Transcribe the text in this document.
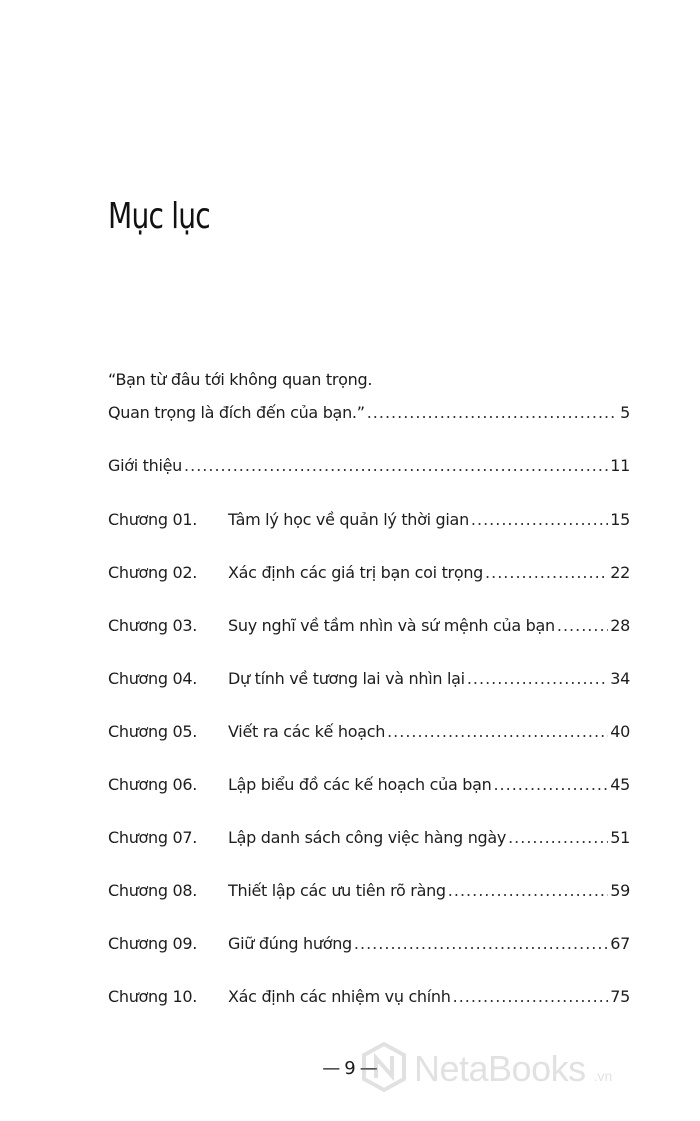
Mục lục
“Bạn từ đâu tới không quan trọng.
Quan trọng là đích đến của bạn.” .....	5
Giới thiệu .....	11
Chương 01.	Tâm lý học về quản lý thời gian .....	15
Chương 02.	Xác định các giá trị bạn coi trọng .....	22
Chương 03.	Suy nghĩ về tầm nhìn và sứ mệnh của bạn .....	28
Chương 04.	Dự tính về tương lai và nhìn lại .....	34
Chương 05.	Viết ra các kế hoạch .....	40
Chương 06.	Lập biểu đồ các kế hoạch của bạn .....	45
Chương 07.	Lập danh sách công việc hàng ngày .....	51
Chương 08.	Thiết lập các ưu tiên rõ ràng .....	59
Chương 09.	Giữ đúng hướng .....	67
Chương 10.	Xác định các nhiệm vụ chính .....	75
— 9 —	NetaBooks .vn
